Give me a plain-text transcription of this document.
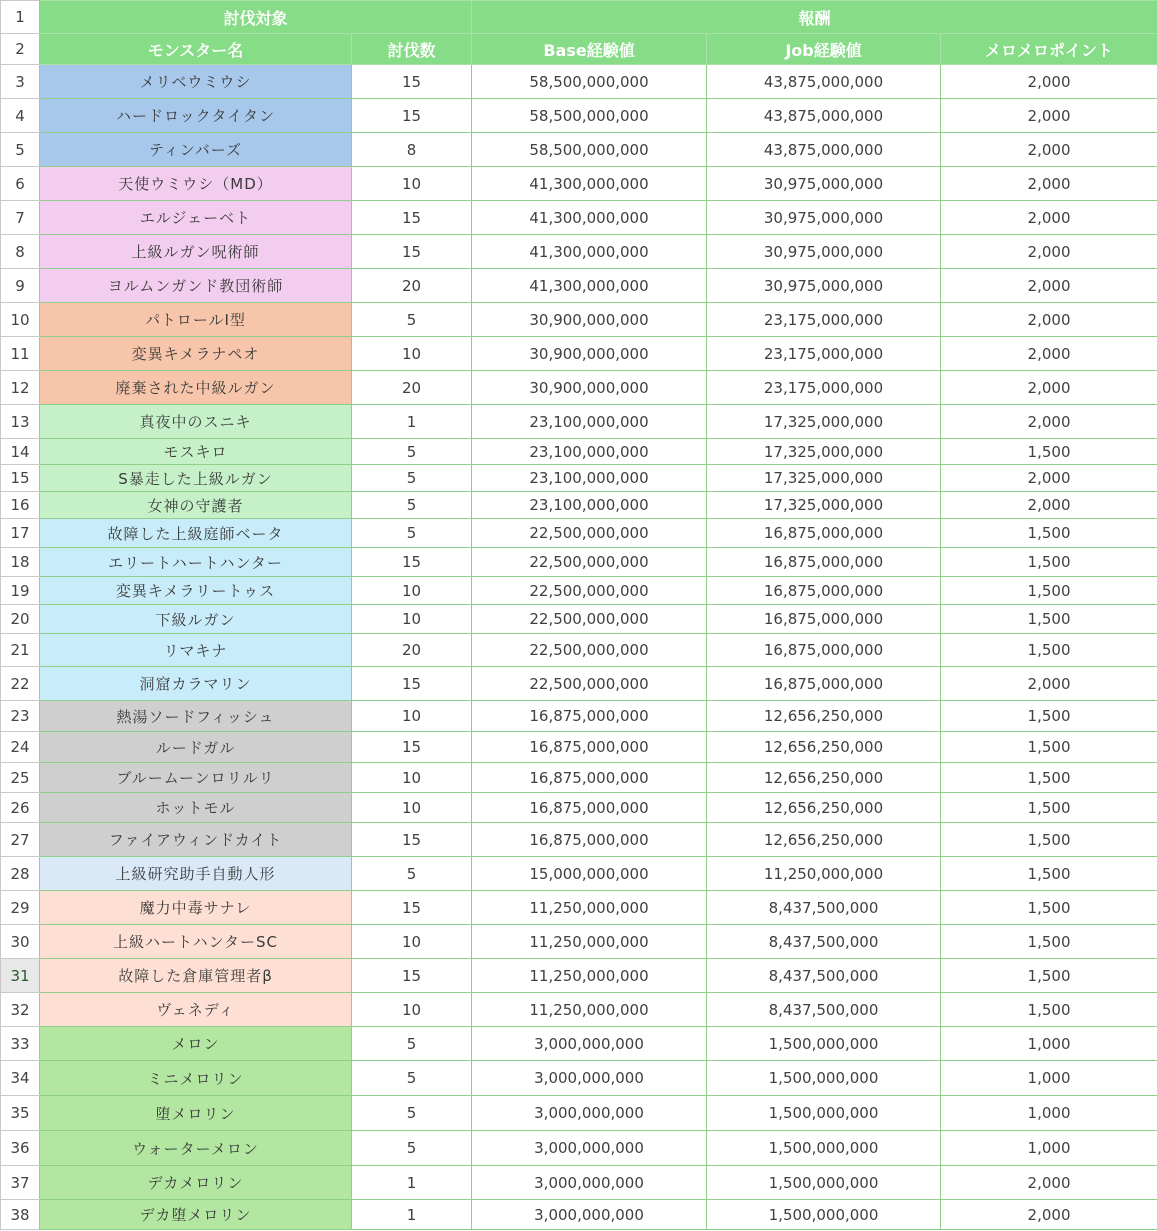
1	討伐対象		報酬		
2	モンスター名	討伐数	Base経験値	Job経験値	メロメロポイント
3	メリベウミウシ	15	58,500,000,000	43,875,000,000	2,000
4	ハードロックタイタン	15	58,500,000,000	43,875,000,000	2,000
5	ティンバーズ	8	58,500,000,000	43,875,000,000	2,000
6	天使ウミウシ（MD）	10	41,300,000,000	30,975,000,000	2,000
7	エルジェーベト	15	41,300,000,000	30,975,000,000	2,000
8	上級ルガン呪術師	15	41,300,000,000	30,975,000,000	2,000
9	ヨルムンガンド教団術師	20	41,300,000,000	30,975,000,000	2,000
10	パトロールⅠ型	5	30,900,000,000	23,175,000,000	2,000
11	変異キメラナペオ	10	30,900,000,000	23,175,000,000	2,000
12	廃棄された中級ルガン	20	30,900,000,000	23,175,000,000	2,000
13	真夜中のスニキ	1	23,100,000,000	17,325,000,000	2,000
14	モスキロ	5	23,100,000,000	17,325,000,000	1,500
15	S暴走した上級ルガン	5	23,100,000,000	17,325,000,000	2,000
16	女神の守護者	5	23,100,000,000	17,325,000,000	2,000
17	故障した上級庭師ベータ	5	22,500,000,000	16,875,000,000	1,500
18	エリートハートハンター	15	22,500,000,000	16,875,000,000	1,500
19	変異キメラリートゥス	10	22,500,000,000	16,875,000,000	1,500
20	下級ルガン	10	22,500,000,000	16,875,000,000	1,500
21	リマキナ	20	22,500,000,000	16,875,000,000	1,500
22	洞窟カラマリン	15	22,500,000,000	16,875,000,000	2,000
23	熱湯ソードフィッシュ	10	16,875,000,000	12,656,250,000	1,500
24	ルードガル	15	16,875,000,000	12,656,250,000	1,500
25	ブルームーンロリルリ	10	16,875,000,000	12,656,250,000	1,500
26	ホットモル	10	16,875,000,000	12,656,250,000	1,500
27	ファイアウィンドカイト	15	16,875,000,000	12,656,250,000	1,500
28	上級研究助手自動人形	5	15,000,000,000	11,250,000,000	1,500
29	魔力中毒サナレ	15	11,250,000,000	8,437,500,000	1,500
30	上級ハートハンターSC	10	11,250,000,000	8,437,500,000	1,500
31	故障した倉庫管理者β	15	11,250,000,000	8,437,500,000	1,500
32	ヴェネディ	10	11,250,000,000	8,437,500,000	1,500
33	メロン	5	3,000,000,000	1,500,000,000	1,000
34	ミニメロリン	5	3,000,000,000	1,500,000,000	1,000
35	堕メロリン	5	3,000,000,000	1,500,000,000	1,000
36	ウォーターメロン	5	3,000,000,000	1,500,000,000	1,000
37	デカメロリン	1	3,000,000,000	1,500,000,000	2,000
38	デカ堕メロリン	1	3,000,000,000	1,500,000,000	2,000
